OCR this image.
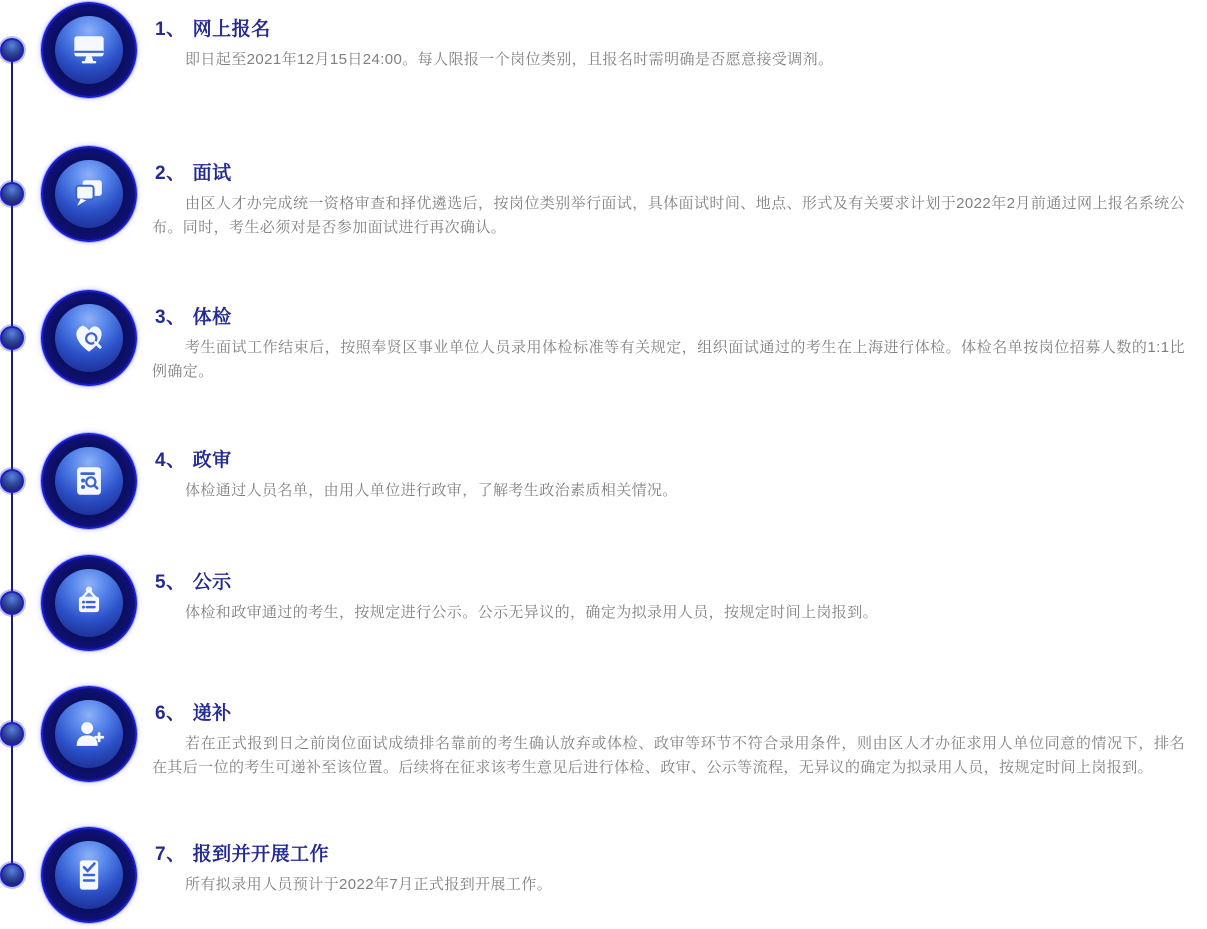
1、 网上报名

即日起至2021年12月15日24:00。每人限报一个岗位类别，且报名时需明确是否愿意接受调剂。

2、 面试

由区人才办完成统一资格审查和择优遴选后，按岗位类别举行面试，具体面试时间、地点、形式及有关要求计划于2022年2月前通过网上报名系统公布。同时，考生必须对是否参加面试进行再次确认。

3、 体检

考生面试工作结束后，按照奉贤区事业单位人员录用体检标准等有关规定，组织面试通过的考生在上海进行体检。体检名单按岗位招募人数的1:1比例确定。

4、 政审

体检通过人员名单，由用人单位进行政审，了解考生政治素质相关情况。

5、 公示

体检和政审通过的考生，按规定进行公示。公示无异议的，确定为拟录用人员，按规定时间上岗报到。

6、 递补

若在正式报到日之前岗位面试成绩排名靠前的考生确认放弃或体检、政审等环节不符合录用条件，则由区人才办征求用人单位同意的情况下，排名在其后一位的考生可递补至该位置。后续将在征求该考生意见后进行体检、政审、公示等流程，无异议的确定为拟录用人员，按规定时间上岗报到。

7、 报到并开展工作

所有拟录用人员预计于2022年7月正式报到开展工作。
